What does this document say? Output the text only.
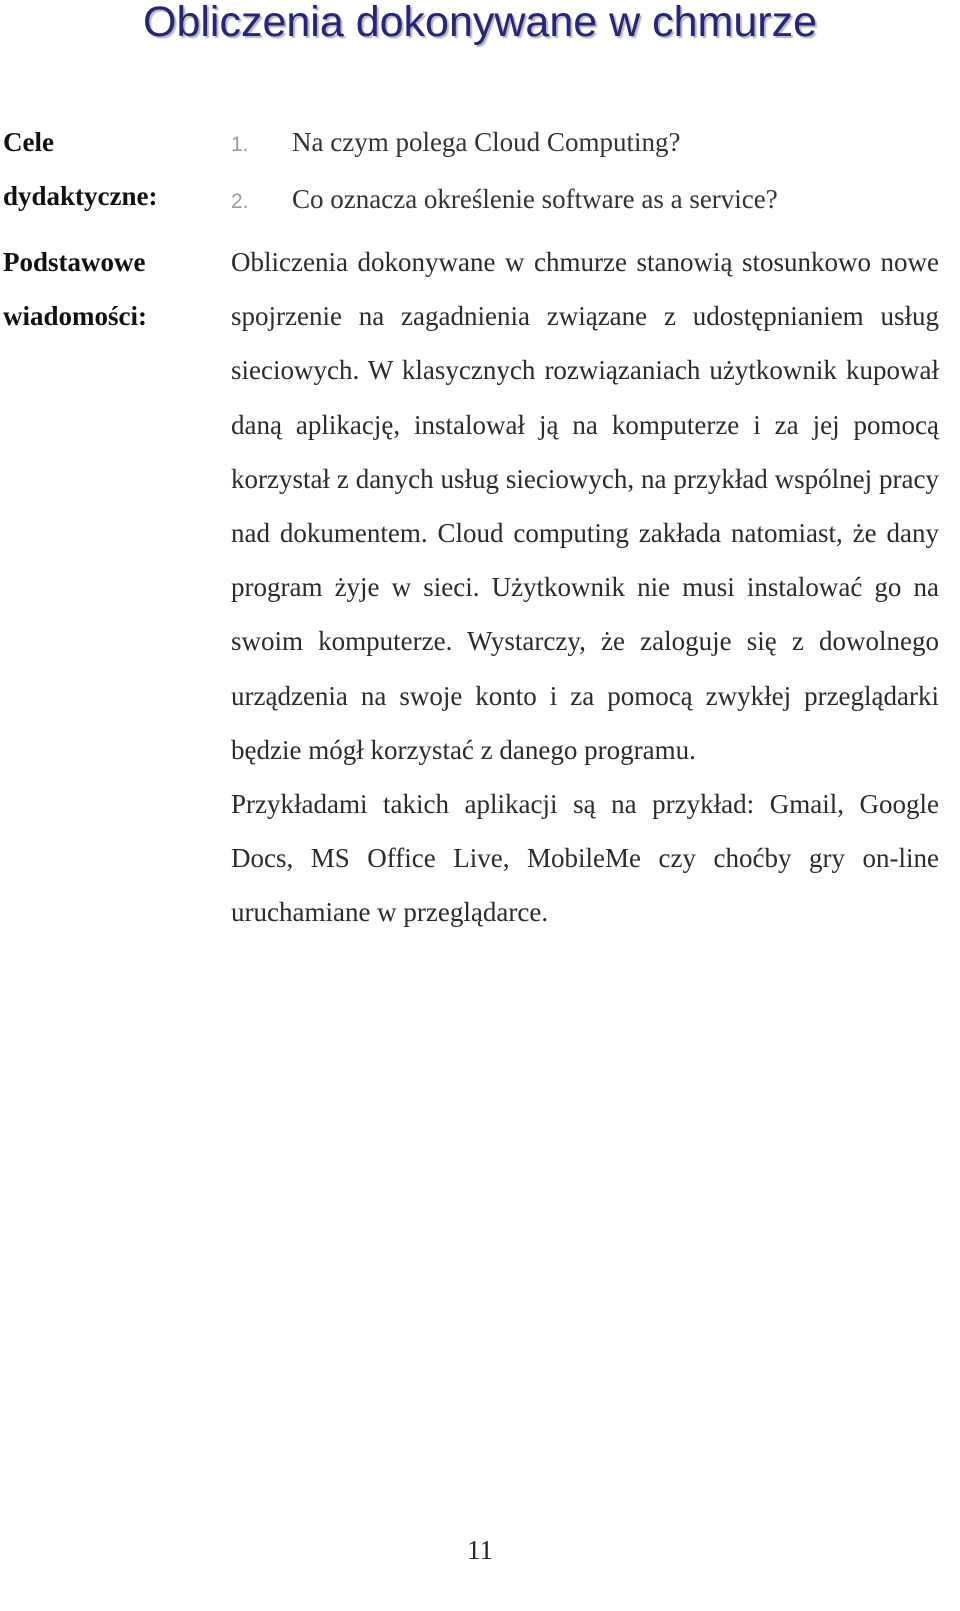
Obliczenia dokonywane w chmurze
Cele
dydaktyczne:
1. Na czym polega Cloud Computing?
2. Co oznacza określenie software as a service?
Podstawowe
wiadomości:

Obliczenia dokonywane w chmurze stanowią stosunkowo nowe spojrzenie na zagadnienia związane z udostępnianiem usług sieciowych. W klasycznych rozwiązaniach użytkownik kupował daną aplikację, instalował ją na komputerze i za jej pomocą korzystał z danych usług sieciowych, na przykład wspólnej pracy nad dokumentem. Cloud computing zakłada natomiast, że dany program żyje w sieci. Użytkownik nie musi instalować go na swoim komputerze. Wystarczy, że zaloguje się z dowolnego urządzenia na swoje konto i za pomocą zwykłej przeglądarki będzie mógł korzystać z danego programu.

Przykładami takich aplikacji są na przykład: Gmail, Google Docs, MS Office Live, MobileMe czy choćby gry on-line uruchamiane w przeglądarce.

11
